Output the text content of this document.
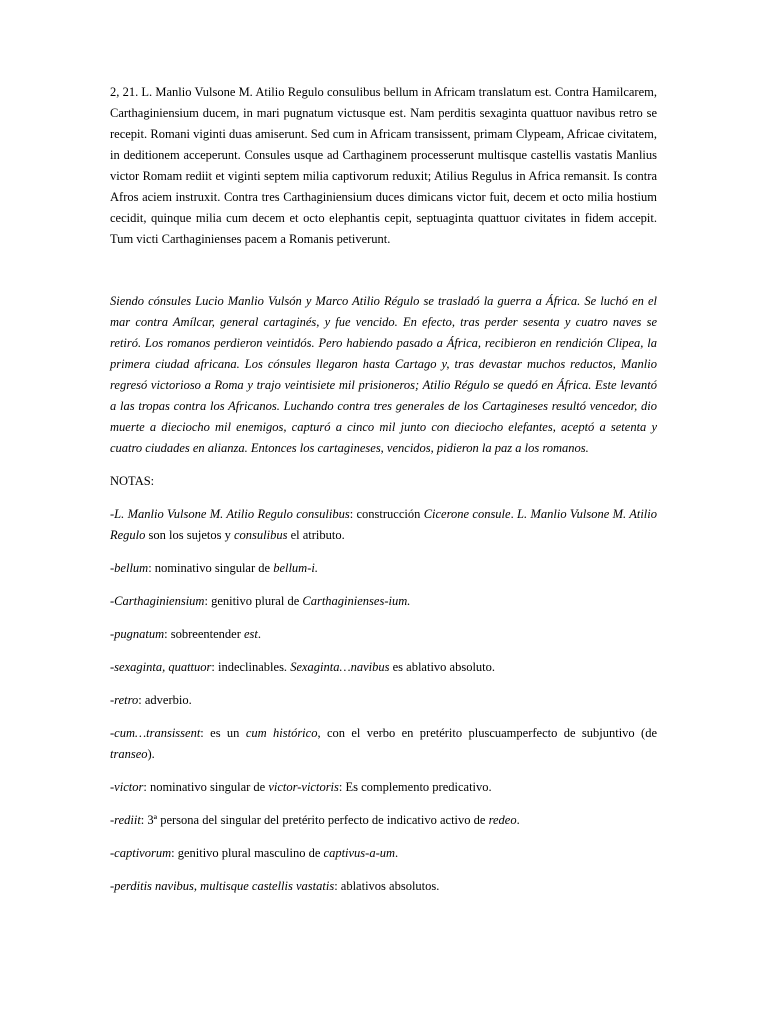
2, 21. L. Manlio Vulsone M. Atilio Regulo consulibus bellum in Africam translatum est. Contra Hamilcarem, Carthaginiensium ducem, in mari pugnatum victusque est. Nam perditis sexaginta quattuor navibus retro se recepit. Romani viginti duas amiserunt. Sed cum in Africam transissent, primam Clypeam, Africae civitatem, in deditionem acceperunt. Consules usque ad Carthaginem processerunt multisque castellis vastatis Manlius victor Romam rediit et viginti septem milia captivorum reduxit; Atilius Regulus in Africa remansit. Is contra Afros aciem instruxit. Contra tres Carthaginiensium duces dimicans victor fuit, decem et octo milia hostium cecidit, quinque milia cum decem et octo elephantis cepit, septuaginta quattuor civitates in fidem accepit. Tum victi Carthaginienses pacem a Romanis petiverunt.

Siendo cónsules Lucio Manlio Vulsón y Marco Atilio Régulo se trasladó la guerra a África. Se luchó en el mar contra Amílcar, general cartaginés, y fue vencido. En efecto, tras perder sesenta y cuatro naves se retiró. Los romanos perdieron veintidós. Pero habiendo pasado a África, recibieron en rendición Clipea, la primera ciudad africana. Los cónsules llegaron hasta Cartago y, tras devastar muchos reductos, Manlio regresó victorioso a Roma y trajo veintisiete mil prisioneros; Atilio Régulo se quedó en África. Este levantó a las tropas contra los Africanos. Luchando contra tres generales de los Cartagineses resultó vencedor, dio muerte a dieciocho mil enemigos, capturó a cinco mil junto con dieciocho elefantes, aceptó a setenta y cuatro ciudades en alianza. Entonces los cartagineses, vencidos, pidieron la paz a los romanos.

NOTAS:

-L. Manlio Vulsone M. Atilio Regulo consulibus: construcción Cicerone consule. L. Manlio Vulsone M. Atilio Regulo son los sujetos y consulibus el atributo.

-bellum: nominativo singular de bellum-i.

-Carthaginiensium: genitivo plural de Carthaginienses-ium.

-pugnatum: sobreentender est.

-sexaginta, quattuor: indeclinables. Sexaginta…navibus es ablativo absoluto.

-retro: adverbio.

-cum…transissent: es un cum histórico, con el verbo en pretérito pluscuamperfecto de subjuntivo (de transeo).

-victor: nominativo singular de victor-victoris: Es complemento predicativo.

-rediit: 3ª persona del singular del pretérito perfecto de indicativo activo de redeo.

-captivorum: genitivo plural masculino de captivus-a-um.

-perditis navibus, multisque castellis vastatis: ablativos absolutos.
